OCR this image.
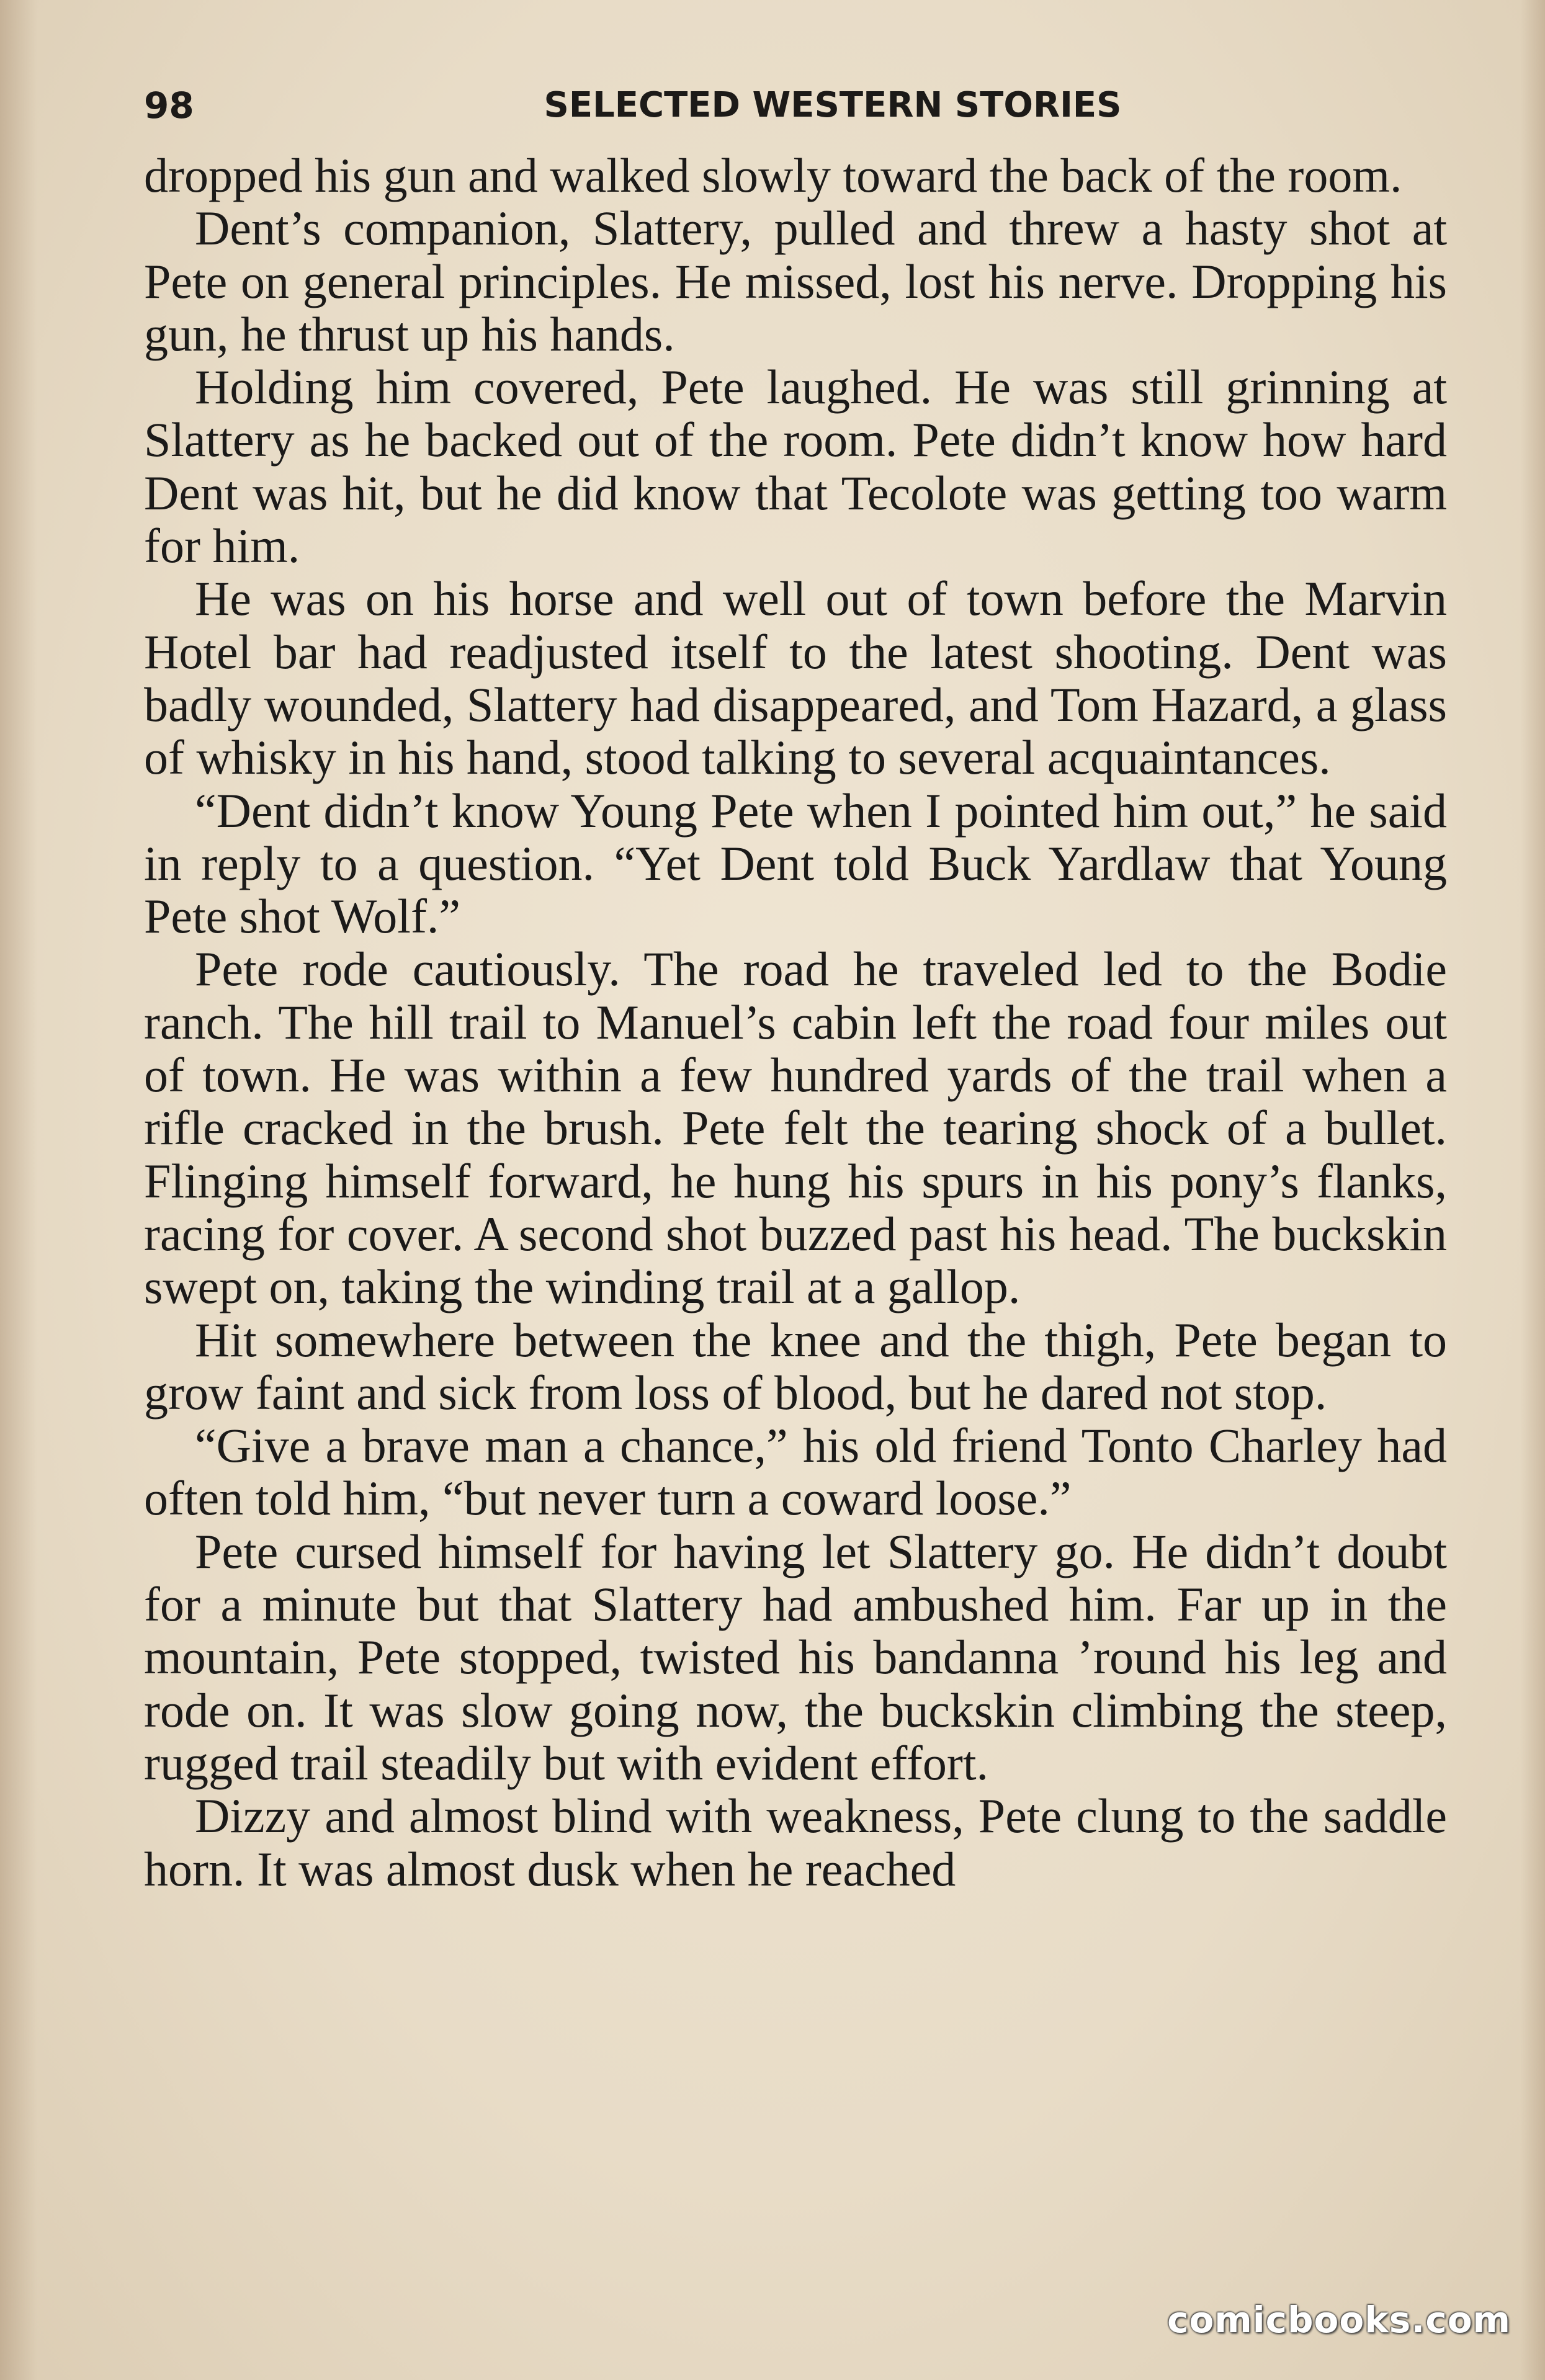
98	SELECTED WESTERN STORIES

dropped his gun and walked slowly toward the back of the room.

Dent’s companion, Slattery, pulled and threw a hasty shot at Pete on general principles. He missed, lost his nerve. Dropping his gun, he thrust up his hands.

Holding him covered, Pete laughed. He was still grinning at Slattery as he backed out of the room. Pete didn’t know how hard Dent was hit, but he did know that Tecolote was getting too warm for him.

He was on his horse and well out of town before the Marvin Hotel bar had readjusted itself to the latest shooting. Dent was badly wounded, Slattery had disappeared, and Tom Hazard, a glass of whisky in his hand, stood talking to several acquaintances.

“Dent didn’t know Young Pete when I pointed him out,” he said in reply to a question. “Yet Dent told Buck Yardlaw that Young Pete shot Wolf.”

Pete rode cautiously. The road he traveled led to the Bodie ranch. The hill trail to Manuel’s cabin left the road four miles out of town. He was within a few hundred yards of the trail when a rifle cracked in the brush. Pete felt the tearing shock of a bullet. Flinging himself forward, he hung his spurs in his pony’s flanks, racing for cover. A second shot buzzed past his head. The buckskin swept on, taking the winding trail at a gallop.

Hit somewhere between the knee and the thigh, Pete began to grow faint and sick from loss of blood, but he dared not stop.

“Give a brave man a chance,” his old friend Tonto Charley had often told him, “but never turn a coward loose.”

Pete cursed himself for having let Slattery go. He didn’t doubt for a minute but that Slattery had ambushed him. Far up in the mountain, Pete stopped, twisted his bandanna ’round his leg and rode on. It was slow going now, the buckskin climbing the steep, rugged trail steadily but with evident effort.

Dizzy and almost blind with weakness, Pete clung to the saddle horn. It was almost dusk when he reached

comicbooks.com
